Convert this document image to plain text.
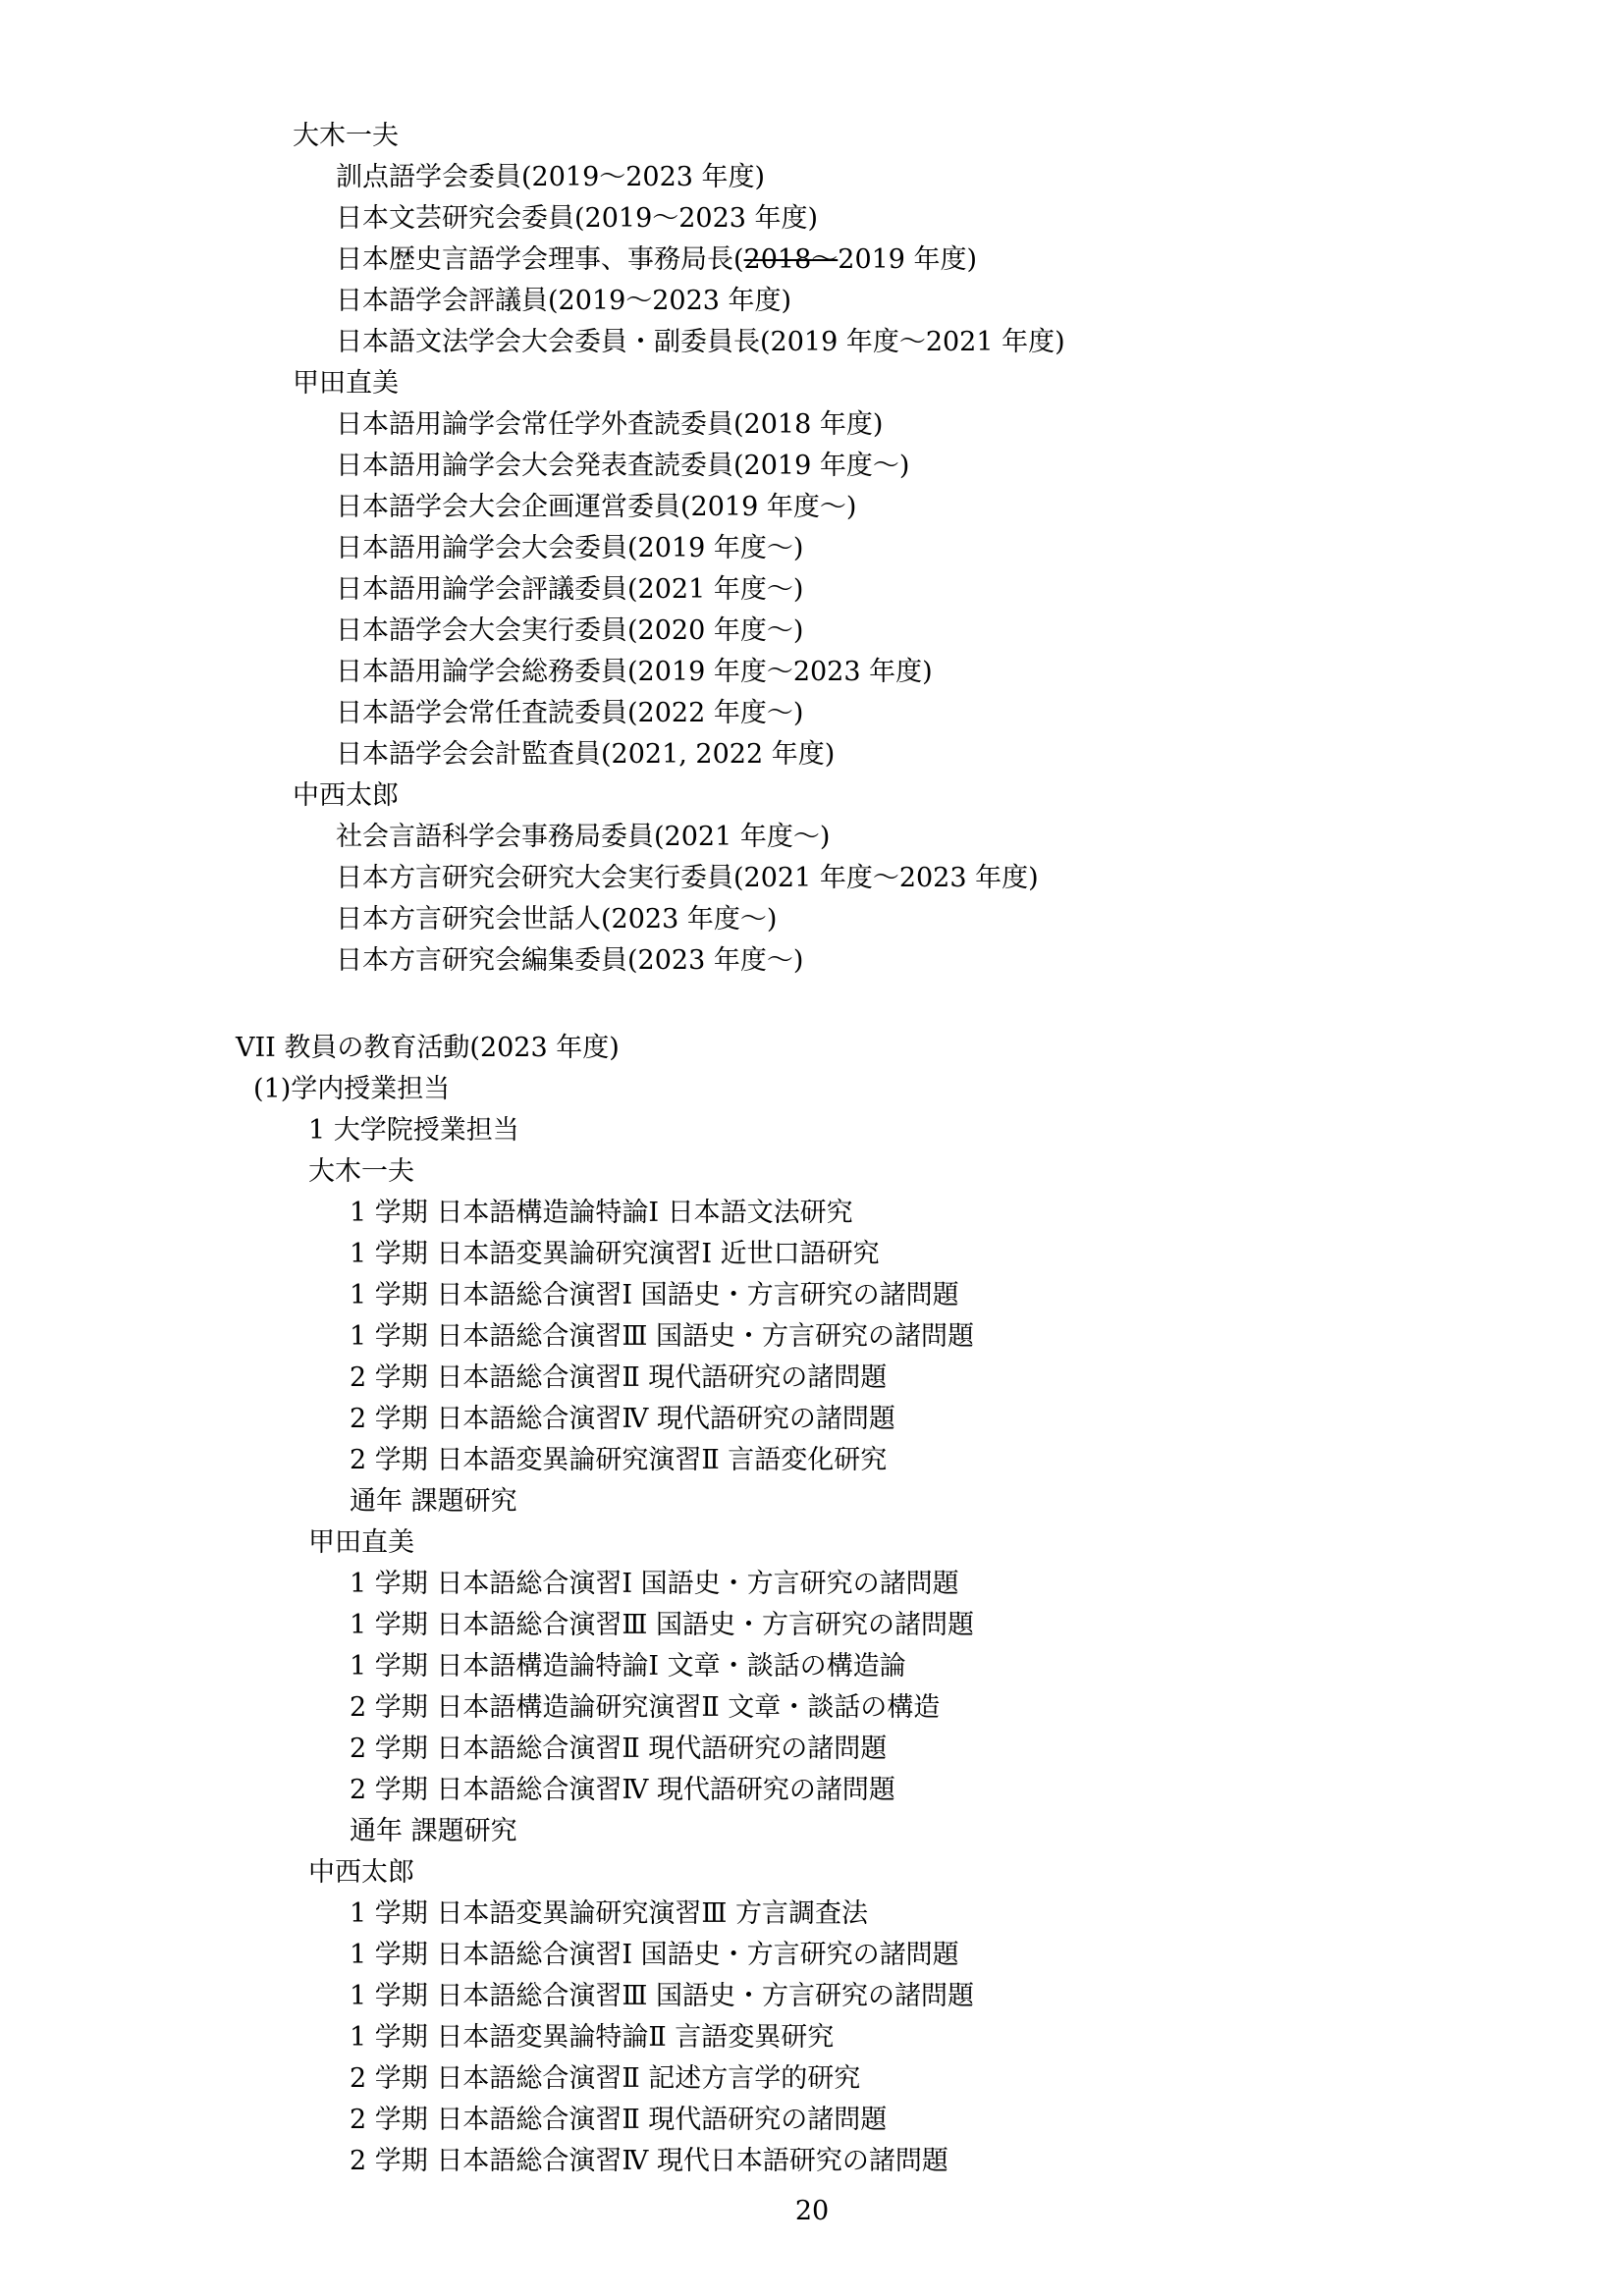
大木一夫

訓点語学会委員(2019～2023 年度)

日本文芸研究会委員(2019～2023 年度)

日本歴史言語学会理事、事務局長(2018～2019 年度)

日本語学会評議員(2019～2023 年度)

日本語文法学会大会委員・副委員長(2019 年度～2021 年度)

甲田直美

日本語用論学会常任学外査読委員(2018 年度)

日本語用論学会大会発表査読委員(2019 年度～)

日本語学会大会企画運営委員(2019 年度～)

日本語用論学会大会委員(2019 年度～)

日本語用論学会評議委員(2021 年度～)

日本語学会大会実行委員(2020 年度～)

日本語用論学会総務委員(2019 年度～2023 年度)

日本語学会常任査読委員(2022 年度～)

日本語学会会計監査員(2021, 2022 年度)

中西太郎

社会言語科学会事務局委員(2021 年度～)

日本方言研究会研究大会実行委員(2021 年度～2023 年度)

日本方言研究会世話人(2023 年度～)

日本方言研究会編集委員(2023 年度～)

VII 教員の教育活動(2023 年度)

(1)学内授業担当

1 大学院授業担当

大木一夫

1 学期 日本語構造論特論Ⅰ 日本語文法研究

1 学期 日本語変異論研究演習Ⅰ 近世口語研究

1 学期 日本語総合演習Ⅰ 国語史・方言研究の諸問題

1 学期 日本語総合演習Ⅲ 国語史・方言研究の諸問題

2 学期 日本語総合演習Ⅱ 現代語研究の諸問題

2 学期 日本語総合演習Ⅳ 現代語研究の諸問題

2 学期 日本語変異論研究演習Ⅱ 言語変化研究

通年 課題研究

甲田直美

1 学期 日本語総合演習Ⅰ 国語史・方言研究の諸問題

1 学期 日本語総合演習Ⅲ 国語史・方言研究の諸問題

1 学期 日本語構造論特論Ⅰ 文章・談話の構造論

2 学期 日本語構造論研究演習Ⅱ 文章・談話の構造

2 学期 日本語総合演習Ⅱ 現代語研究の諸問題

2 学期 日本語総合演習Ⅳ 現代語研究の諸問題

通年 課題研究

中西太郎

1 学期 日本語変異論研究演習Ⅲ 方言調査法

1 学期 日本語総合演習Ⅰ 国語史・方言研究の諸問題

1 学期 日本語総合演習Ⅲ 国語史・方言研究の諸問題

1 学期 日本語変異論特論Ⅱ 言語変異研究

2 学期 日本語総合演習Ⅱ 記述方言学的研究

2 学期 日本語総合演習Ⅱ 現代語研究の諸問題

2 学期 日本語総合演習Ⅳ 現代日本語研究の諸問題

20
